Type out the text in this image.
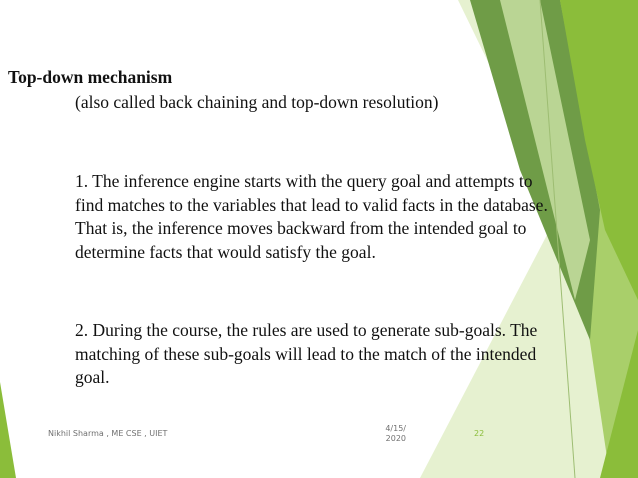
Top-down mechanism
(also called back chaining and top-down resolution)

1. The inference engine starts with the query goal and attempts to find matches to the variables that lead to valid facts in the database. That is, the inference moves backward from the intended goal to determine facts that would satisfy the goal.

2. During the course, the rules are used to generate sub-goals. The matching of these sub-goals will lead to the match of the intended goal.

Nikhil Sharma , ME CSE , UIET
4/15/2020
22
